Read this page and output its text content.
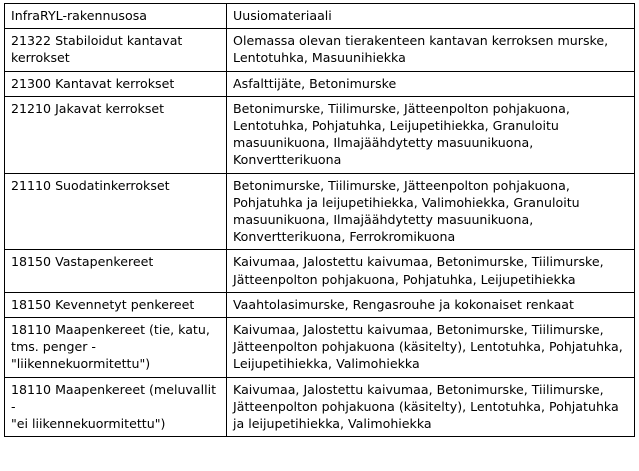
InfraRYL-rakennusosa	Uusiomateriaali
21322 Stabiloidut kantavat
kerrokset	Olemassa olevan tierakenteen kantavan kerroksen murske,
Lentotuhka, Masuunihiekka
21300 Kantavat kerrokset	Asfalttijäte, Betonimurske
21210 Jakavat kerrokset	Betonimurske, Tiilimurske, Jätteenpolton pohjakuona,
Lentotuhka, Pohjatuhka, Leijupetihiekka, Granuloitu
masuunikuona, Ilmajäähdytetty masuunikuona,
Konvertterikuona
21110 Suodatinkerrokset	Betonimurske, Tiilimurske, Jätteenpolton pohjakuona,
Pohjatuhka ja leijupetihiekka, Valimohiekka, Granuloitu
masuunikuona, Ilmajäähdytetty masuunikuona,
Konvertterikuona, Ferrokromikuona
18150 Vastapenkereet	Kaivumaa, Jalostettu kaivumaa, Betonimurske, Tiilimurske,
Jätteenpolton pohjakuona, Pohjatuhka, Leijupetihiekka
18150 Kevennetyt penkereet	Vaahtolasimurske, Rengasrouhe ja kokonaiset renkaat
18110 Maapenkereet (tie, katu,
tms. penger -
"liikennekuormitettu")	Kaivumaa, Jalostettu kaivumaa, Betonimurske, Tiilimurske,
Jätteenpolton pohjakuona (käsitelty), Lentotuhka, Pohjatuhka,
Leijupetihiekka, Valimohiekka
18110 Maapenkereet (meluvallit -
"ei liikennekuormitettu")	Kaivumaa, Jalostettu kaivumaa, Betonimurske, Tiilimurske,
Jätteenpolton pohjakuona (käsitelty), Lentotuhka, Pohjatuhka
ja leijupetihiekka, Valimohiekka
